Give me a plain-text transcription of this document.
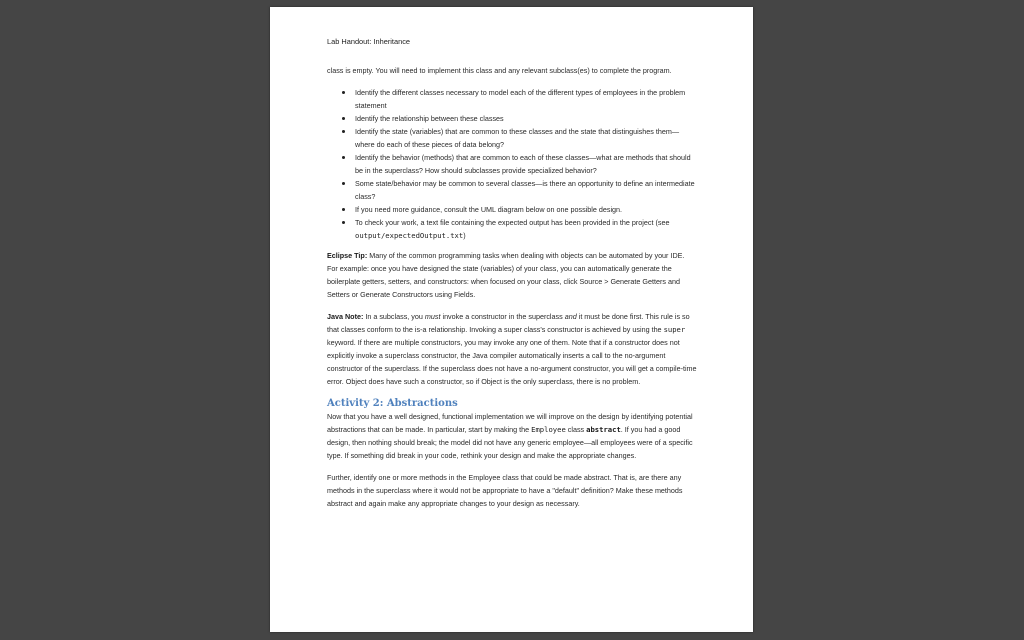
Lab Handout: Inheritance

class is empty. You will need to implement this class and any relevant subclass(es) to complete the program.

Identify the different classes necessary to model each of the different types of employees in the problem statement
Identify the relationship between these classes
Identify the state (variables) that are common to these classes and the state that distinguishes them—where do each of these pieces of data belong?
Identify the behavior (methods) that are common to each of these classes—what are methods that should be in the superclass? How should subclasses provide specialized behavior?
Some state/behavior may be common to several classes—is there an opportunity to define an intermediate class?
If you need more guidance, consult the UML diagram below on one possible design.
To check your work, a text file containing the expected output has been provided in the project (see output/expectedOutput.txt)

Eclipse Tip: Many of the common programming tasks when dealing with objects can be automated by your IDE. For example: once you have designed the state (variables) of your class, you can automatically generate the boilerplate getters, setters, and constructors: when focused on your class, click Source > Generate Getters and Setters or Generate Constructors using Fields.

Java Note: In a subclass, you must invoke a constructor in the superclass and it must be done first. This rule is so that classes conform to the is-a relationship. Invoking a super class's constructor is achieved by using the super keyword. If there are multiple constructors, you may invoke any one of them. Note that if a constructor does not explicitly invoke a superclass constructor, the Java compiler automatically inserts a call to the no-argument constructor of the superclass. If the superclass does not have a no-argument constructor, you will get a compile-time error. Object does have such a constructor, so if Object is the only superclass, there is no problem.

Activity 2: Abstractions

Now that you have a well designed, functional implementation we will improve on the design by identifying potential abstractions that can be made. In particular, start by making the Employee class abstract. If you had a good design, then nothing should break; the model did not have any generic employee—all employees were of a specific type. If something did break in your code, rethink your design and make the appropriate changes.

Further, identify one or more methods in the Employee class that could be made abstract. That is, are there any methods in the superclass where it would not be appropriate to have a "default" definition? Make these methods abstract and again make any appropriate changes to your design as necessary.
